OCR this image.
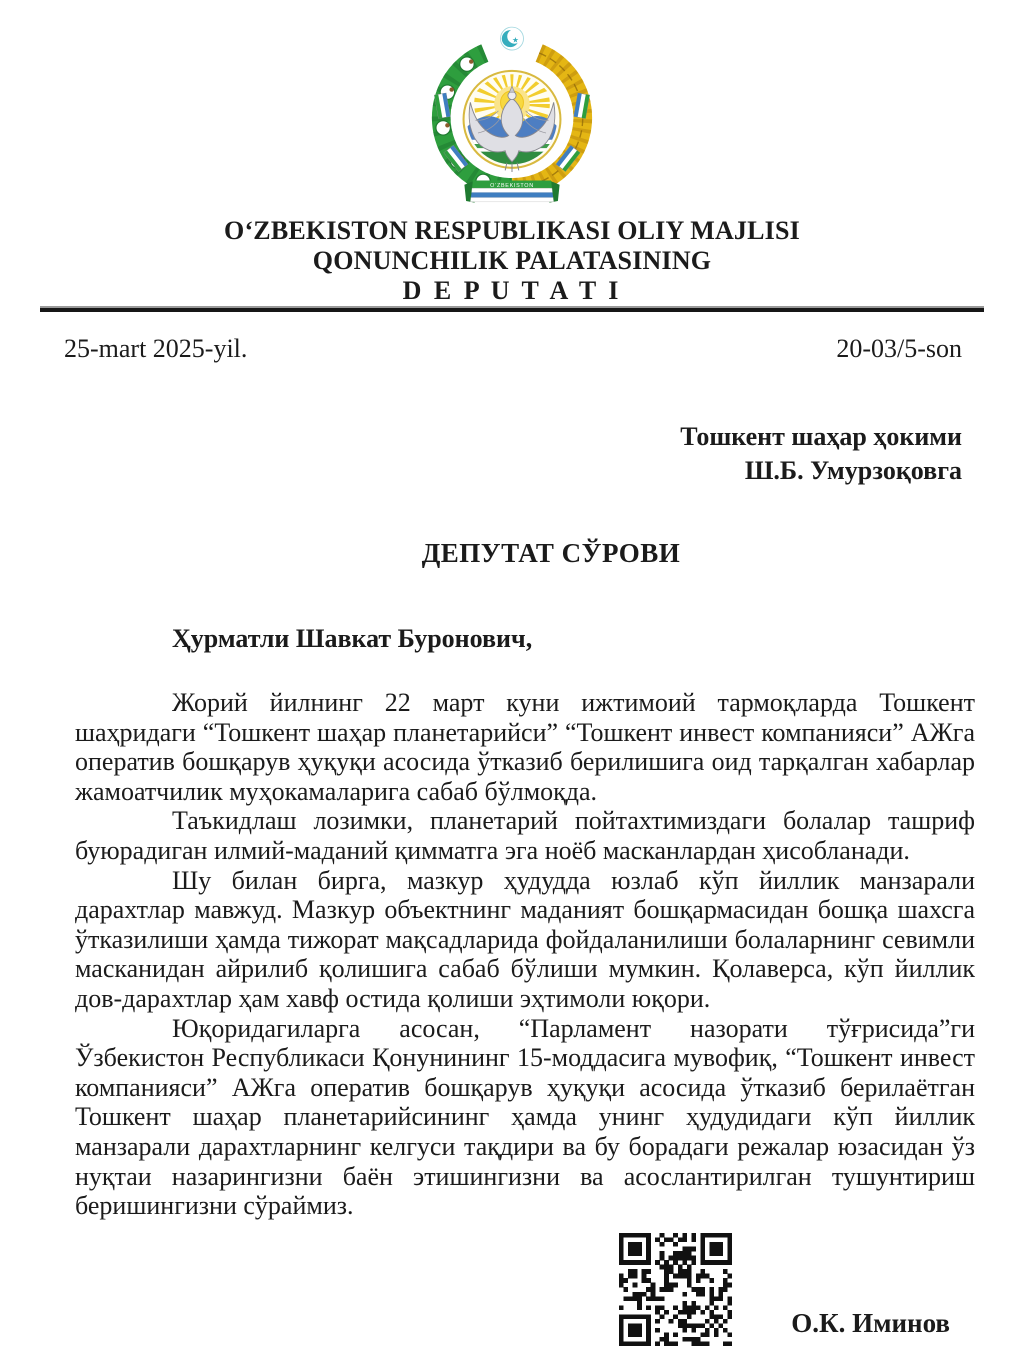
O‘ZBEKISTON
★
O‘ZBEKISTON RESPUBLIKASI OLIY MAJLISI
QONUNCHILIK PALATASINING
D E P U T A T I
25-mart 2025-yil.	20-03/5-son
Тошкент шаҳар ҳокими
Ш.Б. Умурзоқовга
ДЕПУТАТ СЎРОВИ
Ҳурматли Шавкат Буронович,

Жорий йилнинг 22 март куни ижтимоий тармоқларда Тошкент шаҳридаги “Тошкент шаҳар планетарийси” “Тошкент инвест компанияси” АЖга оператив бошқарув ҳуқуқи асосида ўтказиб берилишига оид тарқалган хабарлар жамоатчилик муҳокамаларига сабаб бўлмоқда.

Таъкидлаш лозимки, планетарий пойтахтимиздаги болалар ташриф буюрадиган илмий-маданий қимматга эга ноёб масканлардан ҳисобланади.

Шу билан бирга, мазкур ҳудудда юзлаб кўп йиллик манзарали дарахтлар мавжуд. Мазкур объектнинг маданият бошқармасидан бошқа шахсга ўтказилиши ҳамда тижорат мақсадларида фойдаланилиши болаларнинг севимли масканидан айрилиб қолишига сабаб бўлиши мумкин. Қолаверса, кўп йиллик дов-дарахтлар ҳам хавф остида қолиши эҳтимоли юқори.

Юқоридагиларга асосан, “Парламент назорати тўғрисида”ги Ўзбекистон Республикаси Қонунининг 15-моддасига мувофиқ, “Тошкент инвест компанияси” АЖга оператив бошқарув ҳуқуқи асосида ўтказиб берилаётган Тошкент шаҳар планетарийсининг ҳамда унинг ҳудудидаги кўп йиллик манзарали дарахтларнинг келгуси тақдири ва бу борадаги режалар юзасидан ўз нуқтаи назарингизни баён этишингизни ва асослантирилган тушунтириш беришингизни сўраймиз.

О.К. Иминов
